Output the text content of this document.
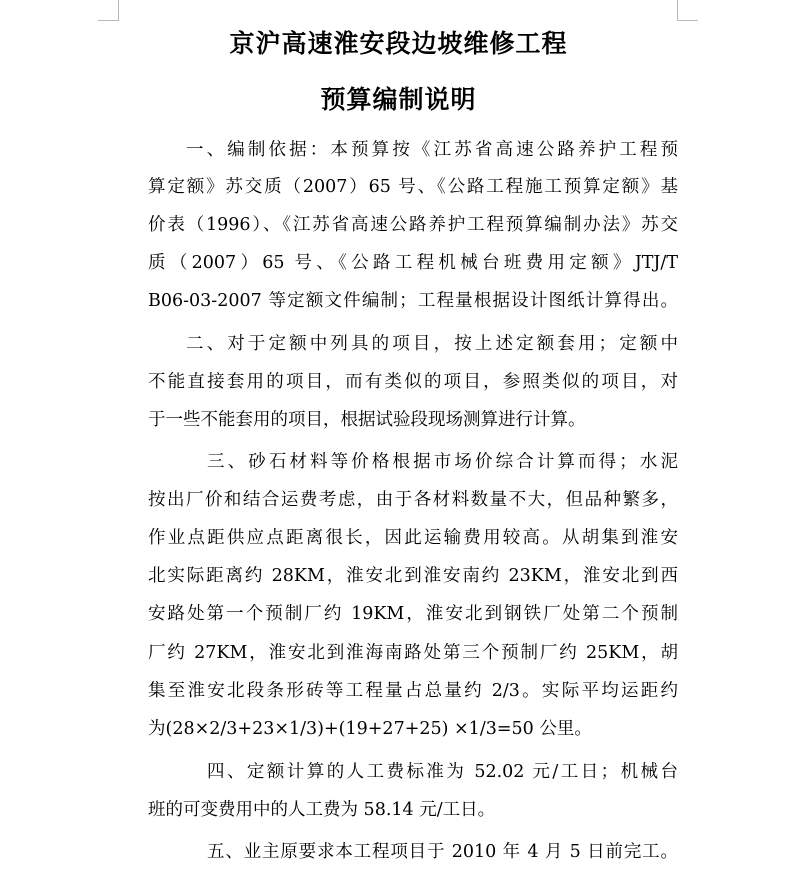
京沪高速淮安段边坡维修工程
预算编制说明

一、编制依据：本预算按《江苏省高速公路养护工程预

算定额》苏交质（2007）65 号、《公路工程施工预算定额》基

价表（1996）、《江苏省高速公路养护工程预算编制办法》苏交

质（2007）65 号、《公路工程机械台班费用定额》JTJ/T

B06-03-2007 等定额文件编制；工程量根据设计图纸计算得出。

二、对于定额中列具的项目，按上述定额套用；定额中

不能直接套用的项目，而有类似的项目，参照类似的项目，对

于一些不能套用的项目，根据试验段现场测算进行计算。

三、砂石材料等价格根据市场价综合计算而得；水泥

按出厂价和结合运费考虑，由于各材料数量不大，但品种繁多，

作业点距供应点距离很长，因此运输费用较高。从胡集到淮安

北实际距离约 28KM，淮安北到淮安南约 23KM，淮安北到西

安路处第一个预制厂约 19KM，淮安北到钢铁厂处第二个预制

厂约 27KM，淮安北到淮海南路处第三个预制厂约 25KM，胡

集至淮安北段条形砖等工程量占总量约 2/3。实际平均运距约

为(28×2/3+23×1/3)+(19+27+25) ×1/3=50 公里。

四、定额计算的人工费标准为 52.02 元/工日；机械台

班的可变费用中的人工费为 58.14 元/工日。

五、业主原要求本工程项目于 2010 年 4 月 5 日前完工。
